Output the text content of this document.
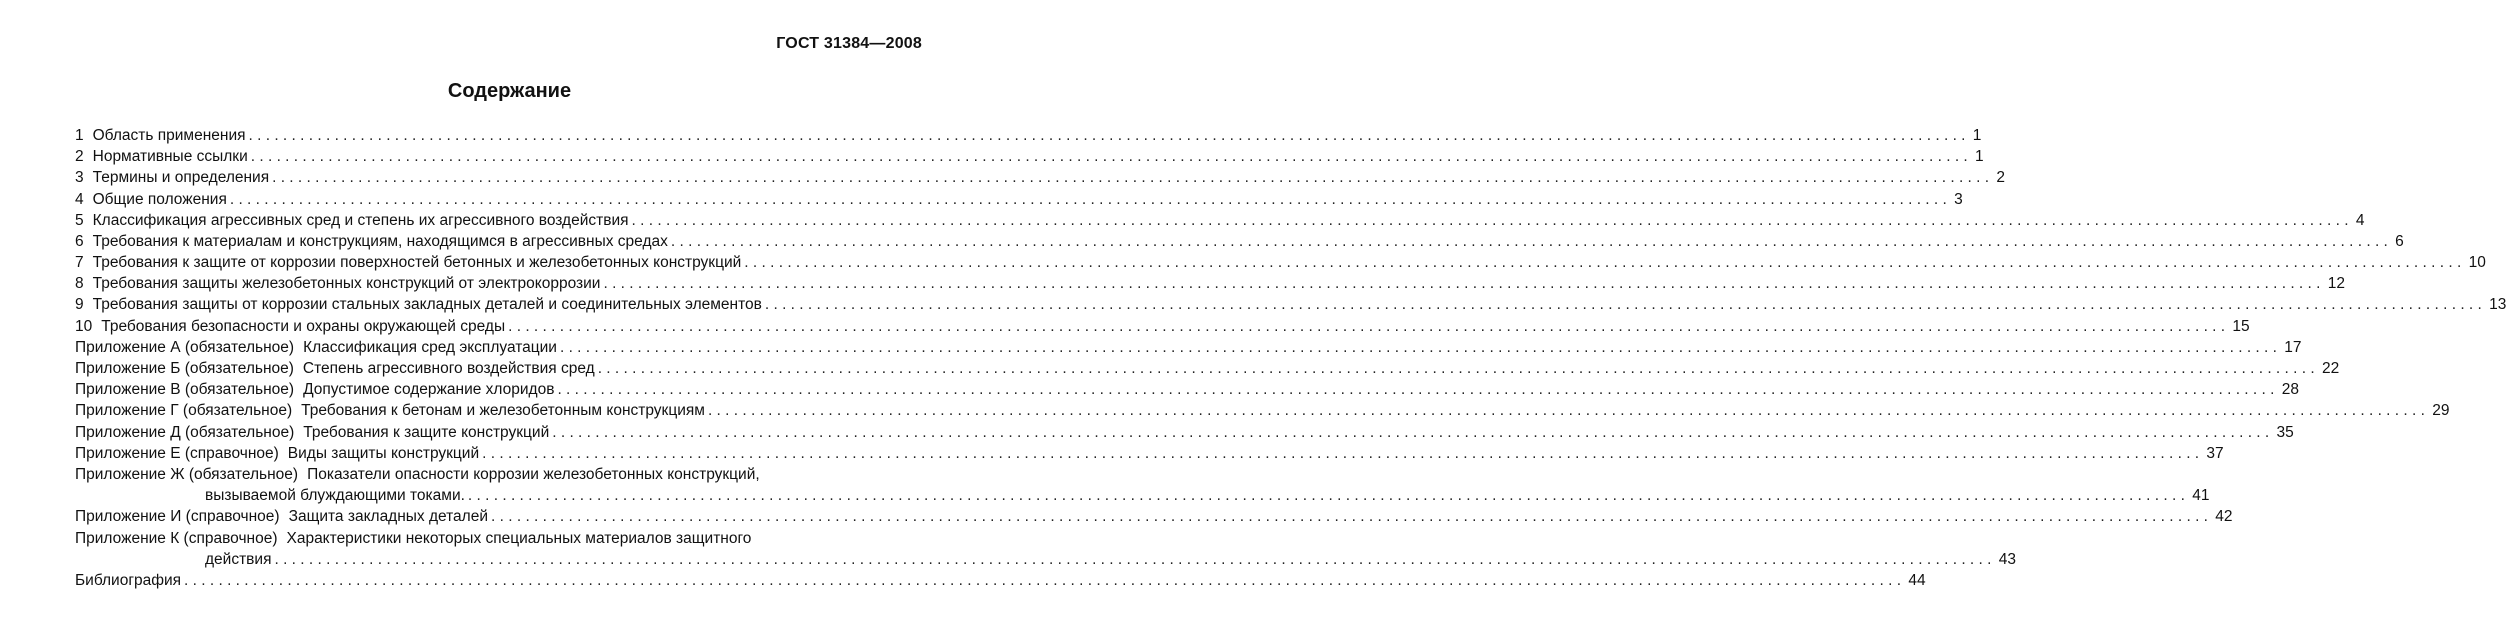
ГОСТ 31384—2008
Содержание
1 Область применения ........................................................................................................................................................................................................ 1
2 Нормативные ссылки ........................................................................................................................................................................................................ 1
3 Термины и определения ........................................................................................................................................................................................................ 2
4 Общие положения ........................................................................................................................................................................................................ 3
5 Классификация агрессивных сред и степень их агрессивного воздействия ........................................................................................................................................................................................................ 4
6 Требования к материалам и конструкциям, находящимся в агрессивных средах ........................................................................................................................................................................................................ 6
7 Требования к защите от коррозии поверхностей бетонных и железобетонных конструкций ........................................................................................................................................................................................................ 10
8 Требования защиты железобетонных конструкций от электрокоррозии ........................................................................................................................................................................................................ 12
9 Требования защиты от коррозии стальных закладных деталей и соединительных элементов ........................................................................................................................................................................................................ 13
10 Требования безопасности и охраны окружающей среды ........................................................................................................................................................................................................ 15
Приложение А (обязательное) Классификация сред эксплуатации ........................................................................................................................................................................................................ 17
Приложение Б (обязательное) Степень агрессивного воздействия сред ........................................................................................................................................................................................................ 22
Приложение В (обязательное) Допустимое содержание хлоридов ........................................................................................................................................................................................................ 28
Приложение Г (обязательное) Требования к бетонам и железобетонным конструкциям ........................................................................................................................................................................................................ 29
Приложение Д (обязательное) Требования к защите конструкций ........................................................................................................................................................................................................ 35
Приложение Е (справочное) Виды защиты конструкций ........................................................................................................................................................................................................ 37
Приложение Ж (обязательное) Показатели опасности коррозии железобетонных конструкций,
вызываемой блуждающими токами. ........................................................................................................................................................................................................ 41
Приложение И (справочное) Защита закладных деталей ........................................................................................................................................................................................................ 42
Приложение К (справочное) Характеристики некоторых специальных материалов защитного
действия ........................................................................................................................................................................................................ 43
Библиография ........................................................................................................................................................................................................ 44
